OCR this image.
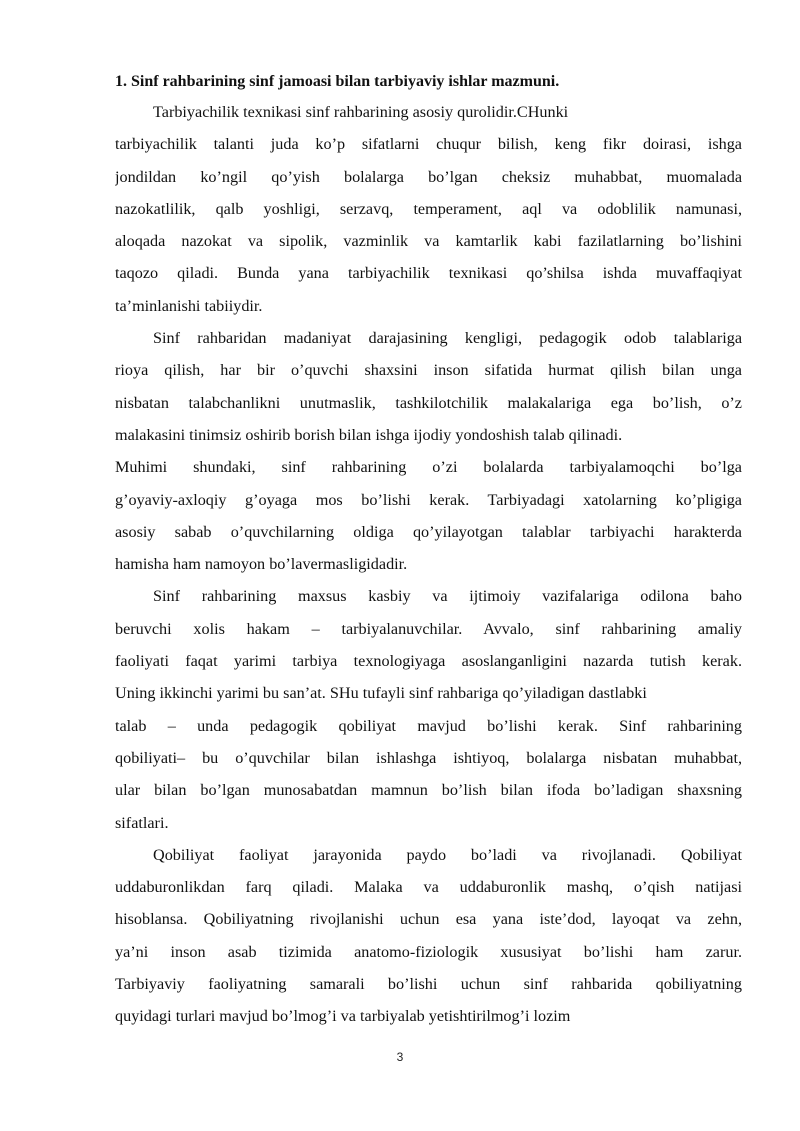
1. Sinf rahbarining sinf jamoasi bilan tarbiyaviy ishlar mazmuni.
Tarbiyachilik texnikasi sinf rahbarining asosiy qurolidir.CHunki
tarbiyachilik talanti juda ko’p sifatlarni chuqur bilish, keng fikr doirasi, ishga
jondildan ko’ngil qo’yish bolalarga bo’lgan cheksiz muhabbat, muomalada
nazokatlilik, qalb yoshligi, serzavq, temperament, aql va odoblilik namunasi,
aloqada nazokat va sipolik, vazminlik va kamtarlik kabi fazilatlarning bo’lishini
taqozo qiladi. Bunda yana tarbiyachilik texnikasi qo’shilsa ishda muvaffaqiyat
ta’minlanishi tabiiydir.
Sinf rahbaridan madaniyat darajasining kengligi, pedagogik odob talablariga
rioya qilish, har bir o’quvchi shaxsini inson sifatida hurmat qilish bilan unga
nisbatan talabchanlikni unutmaslik, tashkilotchilik malakalariga ega bo’lish, o’z
malakasini tinimsiz oshirib borish bilan ishga ijodiy yondoshish talab qilinadi.
Muhimi shundaki, sinf rahbarining o’zi bolalarda tarbiyalamoqchi bo’lga
g’oyaviy-axloqiy g’oyaga mos bo’lishi kerak. Tarbiyadagi xatolarning ko’pligiga
asosiy sabab o’quvchilarning oldiga qo’yilayotgan talablar tarbiyachi harakterda
hamisha ham namoyon bo’lavermasligidadir.
Sinf rahbarining maxsus kasbiy va ijtimoiy vazifalariga odilona baho
beruvchi xolis hakam – tarbiyalanuvchilar. Avvalo, sinf rahbarining amaliy
faoliyati faqat yarimi tarbiya texnologiyaga asoslanganligini nazarda tutish kerak.
Uning ikkinchi yarimi bu san’at. SHu tufayli sinf rahbariga qo’yiladigan dastlabki
talab – unda pedagogik qobiliyat mavjud bo’lishi kerak. Sinf rahbarining
qobiliyati– bu o’quvchilar bilan ishlashga ishtiyoq, bolalarga nisbatan muhabbat,
ular bilan bo’lgan munosabatdan mamnun bo’lish bilan ifoda bo’ladigan shaxsning
sifatlari.
Qobiliyat faoliyat jarayonida paydo bo’ladi va rivojlanadi. Qobiliyat
uddaburonlikdan farq qiladi. Malaka va uddaburonlik mashq, o’qish natijasi
hisoblansa. Qobiliyatning rivojlanishi uchun esa yana iste’dod, layoqat va zehn,
ya’ni inson asab tizimida anatomo-fiziologik xususiyat bo’lishi ham zarur.
Tarbiyaviy faoliyatning samarali bo’lishi uchun sinf rahbarida qobiliyatning
quyidagi turlari mavjud bo’lmog’i va tarbiyalab yetishtirilmog’i lozim
3
